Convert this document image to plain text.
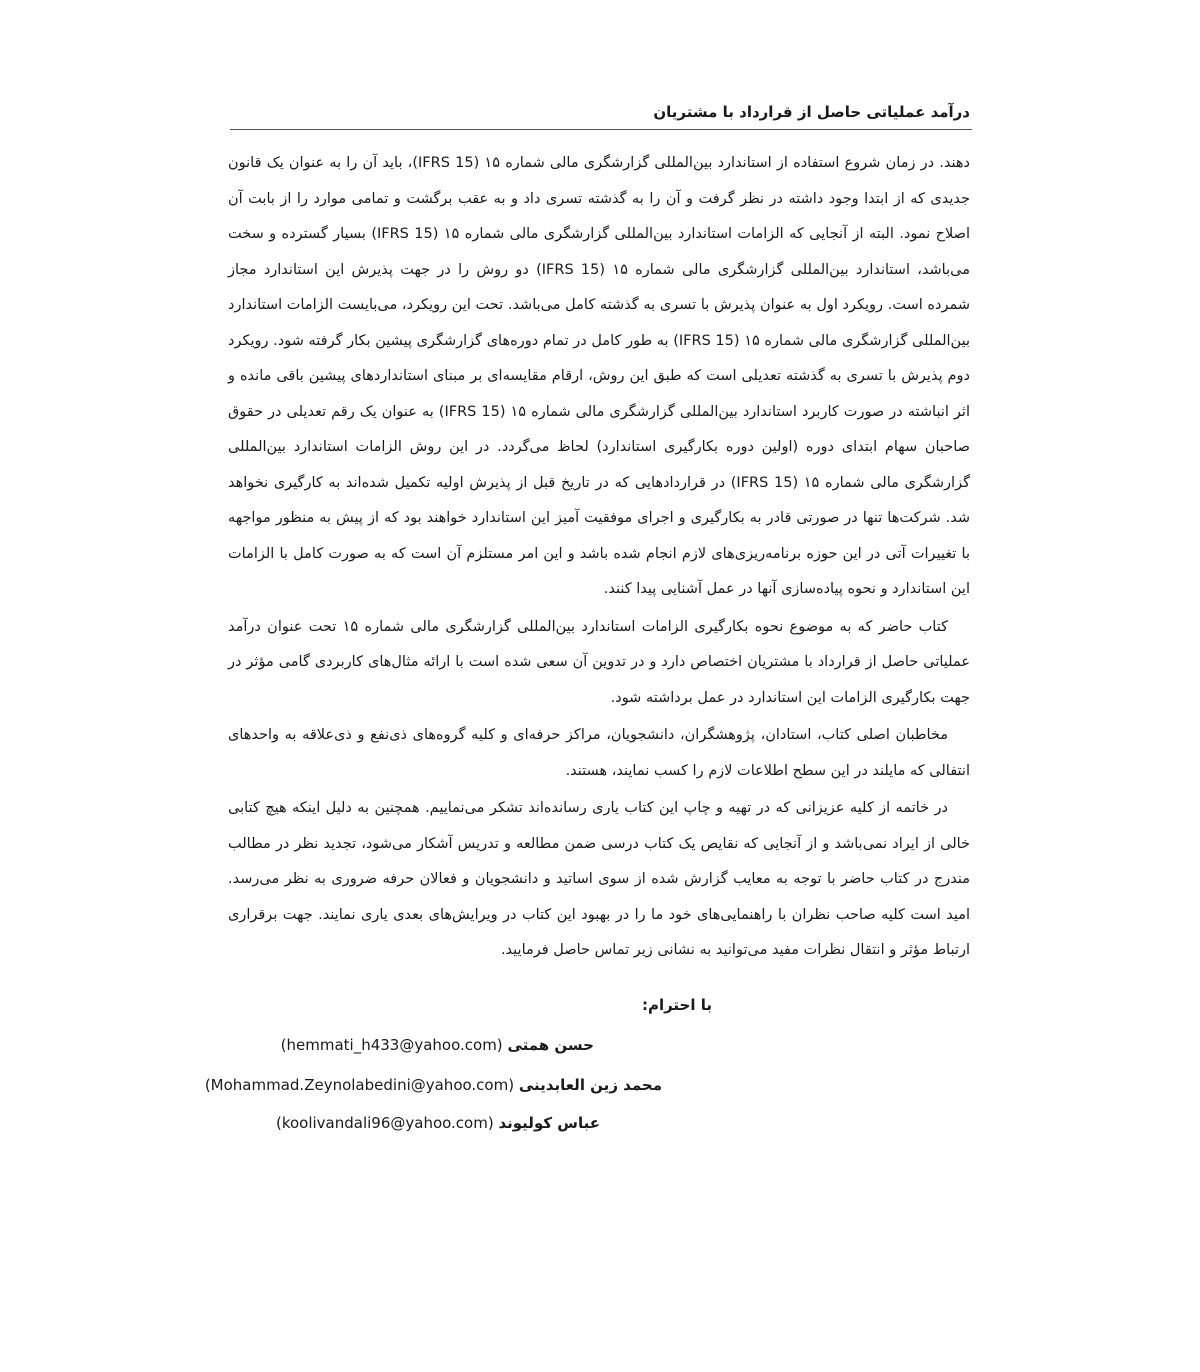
درآمد عملیاتی حاصل از قرارداد با مشتریان

دهند. در زمان شروع استفاده از استاندارد بین‌المللی گزارشگری مالی شماره ۱۵ (IFRS 15)، باید آن را به عنوان یک قانون جدیدی که از ابتدا وجود داشته در نظر گرفت و آن را به گذشته تسری داد و به عقب برگشت و تمامی موارد را از بابت آن اصلاح نمود. البته از آنجایی که الزامات استاندارد بین‌المللی گزارشگری مالی شماره ۱۵ (IFRS 15) بسیار گسترده و سخت می‌باشد، استاندارد بین‌المللی گزارشگری مالی شماره ۱۵ (IFRS 15) دو روش را در جهت پذیرش این استاندارد مجاز شمرده است. رویکرد اول به عنوان پذیرش با تسری به گذشته کامل می‌باشد. تحت این رویکرد، می‌بایست الزامات استاندارد بین‌المللی گزارشگری مالی شماره ۱۵ (IFRS 15) به طور کامل در تمام دوره‌های گزارشگری پیشین بکار گرفته شود. رویکرد دوم پذیرش با تسری به گذشته تعدیلی است که طبق این روش، ارقام مقایسه‌ای بر مبنای استانداردهای پیشین باقی مانده و اثر انباشته در صورت کاربرد استاندارد بین‌المللی گزارشگری مالی شماره ۱۵ (IFRS 15) به عنوان یک رقم تعدیلی در حقوق صاحبان سهام ابتدای دوره (اولین دوره بکارگیری استاندارد) لحاظ می‌گردد. در این روش الزامات استاندارد بین‌المللی گزارشگری مالی شماره ۱۵ (IFRS 15) در قراردادهایی که در تاریخ قبل از پذیرش اولیه تکمیل شده‌اند به کارگیری نخواهد شد. شرکت‌ها تنها در صورتی قادر به بکارگیری و اجرای موفقیت آمیز این استاندارد خواهند بود که از پیش به منظور مواجهه با تغییرات آتی در این حوزه برنامه‌ریزی‌های لازم انجام شده باشد و این امر مستلزم آن است که به صورت کامل با الزامات این استاندارد و نحوه پیاده‌سازی آنها در عمل آشنایی پیدا کنند.

کتاب حاضر که به موضوع نحوه بکارگیری الزامات استاندارد بین‌المللی گزارشگری مالی شماره ۱۵ تحت عنوان درآمد عملیاتی حاصل از قرارداد با مشتریان اختصاص دارد و در تدوین آن سعی شده است با ارائه مثال‌های کاربردی گامی مؤثر در جهت بکارگیری الزامات این استاندارد در عمل برداشته شود.

مخاطبان اصلی کتاب، استادان، پژوهشگران، دانشجویان، مراکز حرفه‌ای و کلیه گروه‌های ذی‌نفع و ذی‌علاقه به واحدهای انتفالی که مایلند در این سطح اطلاعات لازم را کسب نمایند، هستند.

در خاتمه از کلیه عزیزانی که در تهیه و چاپ این کتاب یاری رسانده‌اند تشکر می‌نماییم. همچنین به دلیل اینکه هیچ کتابی خالی از ایراد نمی‌باشد و از آنجایی که نقایص یک کتاب درسی ضمن مطالعه و تدریس آشکار می‌شود، تجدید نظر در مطالب مندرج در کتاب حاضر با توجه به معایب گزارش شده از سوی اساتید و دانشجویان و فعالان حرفه ضروری به نظر می‌رسد. امید است کلیه صاحب نظران با راهنمایی‌های خود ما را در بهبود این کتاب در ویرایش‌های بعدی یاری نمایند. جهت برقراری ارتباط مؤثر و انتقال نظرات مفید می‌توانید به نشانی زیر تماس حاصل فرمایید.

با احترام:
حسن همتی (hemmati_h433@yahoo.com)
محمد زین العابدینی (Mohammad.Zeynolabedini@yahoo.com)
عباس کولیوند (koolivandali96@yahoo.com)
